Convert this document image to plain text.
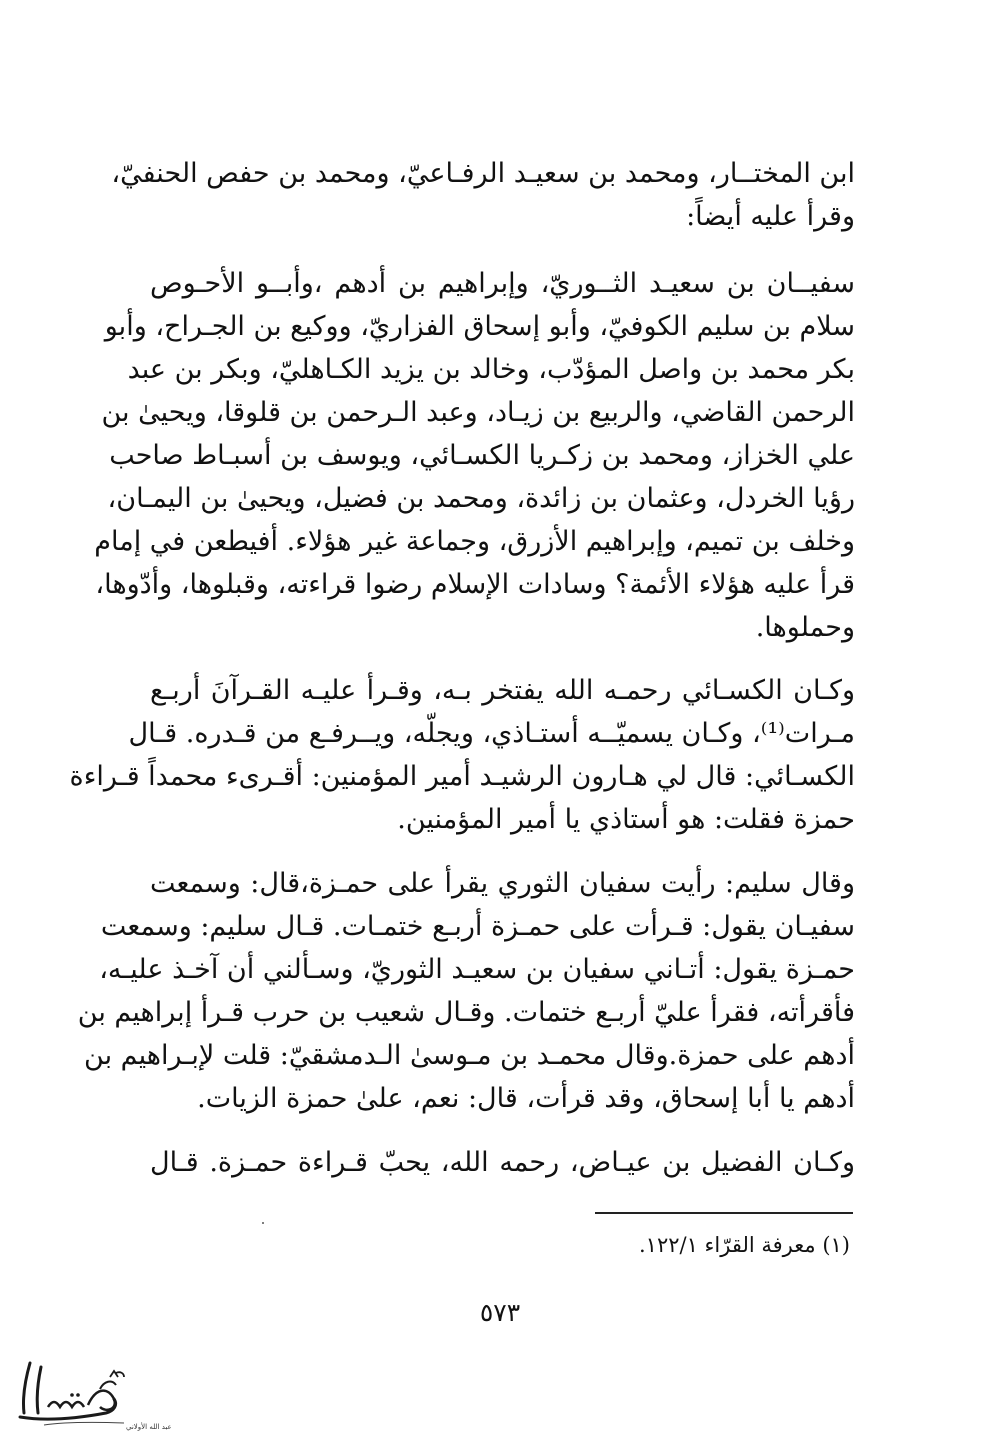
ابن المختــار، ومحمد بن سعيـد الرفـاعيّ، ومحمد بن حفص الحنفيّ،
وقرأ عليه أيضاً:
سفيــان بن سعيـد الثــوريّ، وإبراهيم بن أدهم ،وأبــو الأحـوص
سلام بن سليم الكوفيّ، وأبو إسحاق الفزاريّ، ووكيع بن الجـراح، وأبو
بكر محمد بن واصل المؤدّب، وخالد بن يزيد الكـاهليّ، وبكر بن عبد
الرحمن القاضي، والربيع بن زيـاد، وعبد الـرحمن بن قلوقا، ويحيىٰ بن
علي الخزاز، ومحمد بن زكـريا الكسـائي، ويوسف بن أسبـاط صاحب
رؤيا الخردل، وعثمان بن زائدة، ومحمد بن فضيل، ويحيىٰ بن اليمـان،
وخلف بن تميم، وإبراهيم الأزرق، وجماعة غير هؤلاء. أفيطعن في إمام
قرأ عليه هؤلاء الأئمة؟ وسادات الإسلام رضوا قراءته، وقبلوها، وأدّوها،
وحملوها.
وكـان الكسـائي رحمـه الله يفتخر بـه، وقـرأ عليـه القـرآنَ أربـع
مـرات⁽¹⁾، وكـان يسميّــه أستـاذي، ويجلّه، ويــرفـع من قـدره. قـال
الكسـائي: قال لي هـارون الرشيـد أمير المؤمنين: أقـرىء محمداً قـراءة
حمزة فقلت: هو أستاذي يا أمير المؤمنين.
وقال سليم: رأيت سفيان الثوري يقرأ على حمـزة،قال: وسمعت
سفيـان يقول: قـرأت على حمـزة أربـع ختمـات. قـال سليم: وسمعت
حمـزة يقول: أتـاني سفيان بن سعيـد الثوريّ، وسـألني أن آخـذ عليـه،
فأقرأته، فقرأ عليّ أربـع ختمات. وقـال شعيب بن حرب قـرأ إبراهيم بن
أدهم على حمزة.وقال محمـد بن مـوسىٰ الـدمشقيّ: قلت لإبـراهيم بن
أدهم يا أبا إسحاق، وقد قرأت، قال: نعم، علىٰ حمزة الزيات.
وكـان الفضيل بن عيـاض، رحمه الله، يحبّ قـراءة حمـزة. قـال
(١) معرفة القرّاء ١٢٢/١.
٥٧٣
عبد الله الأولاني
